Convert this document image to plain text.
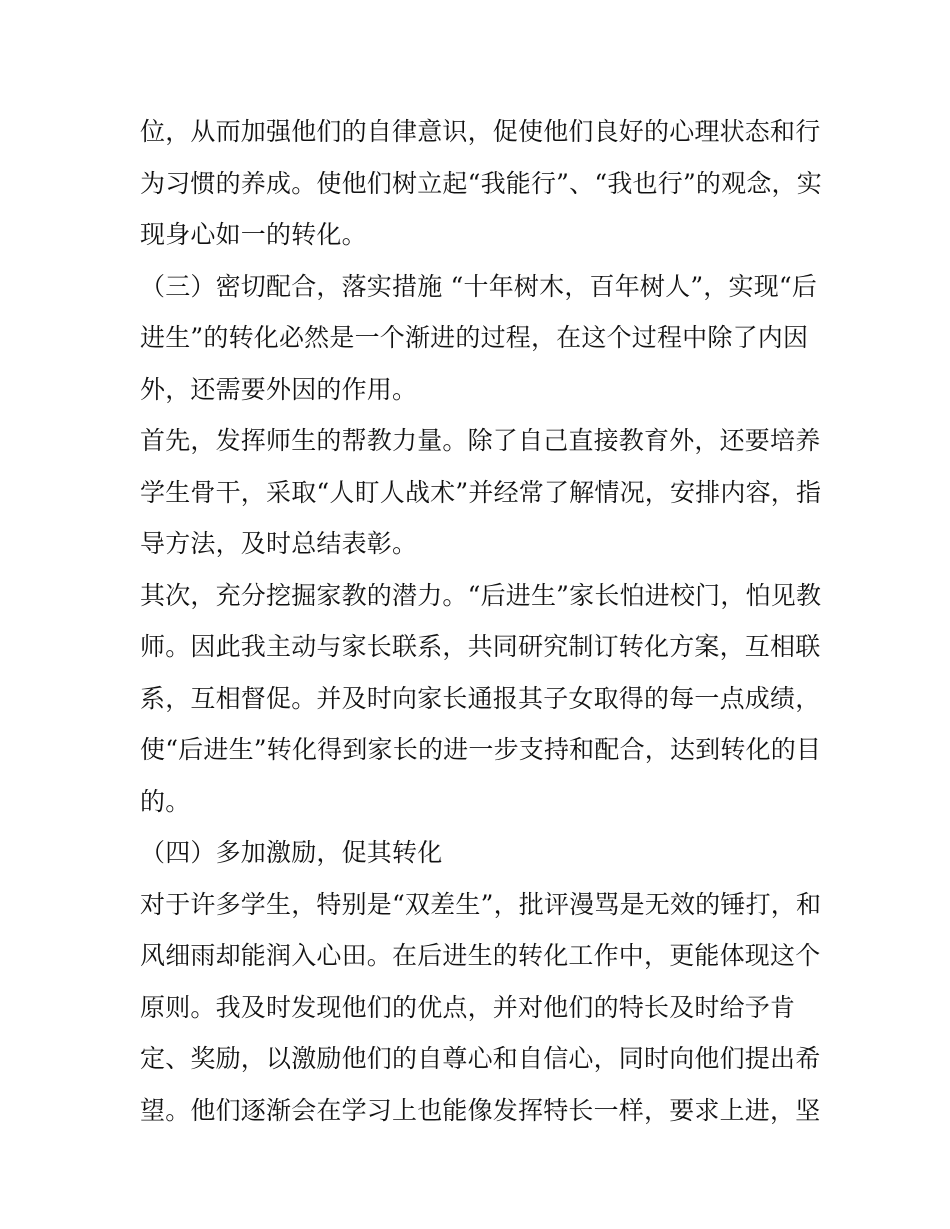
位，从而加强他们的自律意识，促使他们良好的心理状态和行
为习惯的养成。使他们树立起“我能行”、“我也行”的观念，实
现身心如一的转化。
（三）密切配合，落实措施 “十年树木，百年树人”，实现“后
进生”的转化必然是一个渐进的过程，在这个过程中除了内因
外，还需要外因的作用。
首先，发挥师生的帮教力量。除了自己直接教育外，还要培养
学生骨干，采取“人盯人战术”并经常了解情况，安排内容，指
导方法，及时总结表彰。
其次，充分挖掘家教的潜力。“后进生”家长怕进校门，怕见教
师。因此我主动与家长联系，共同研究制订转化方案，互相联
系，互相督促。并及时向家长通报其子女取得的每一点成绩，
使“后进生”转化得到家长的进一步支持和配合，达到转化的目
的。
（四）多加激励，促其转化
对于许多学生，特别是“双差生”，批评漫骂是无效的锤打，和
风细雨却能润入心田。在后进生的转化工作中，更能体现这个
原则。我及时发现他们的优点，并对他们的特长及时给予肯
定、奖励，以激励他们的自尊心和自信心，同时向他们提出希
望。他们逐渐会在学习上也能像发挥特长一样，要求上进，坚
